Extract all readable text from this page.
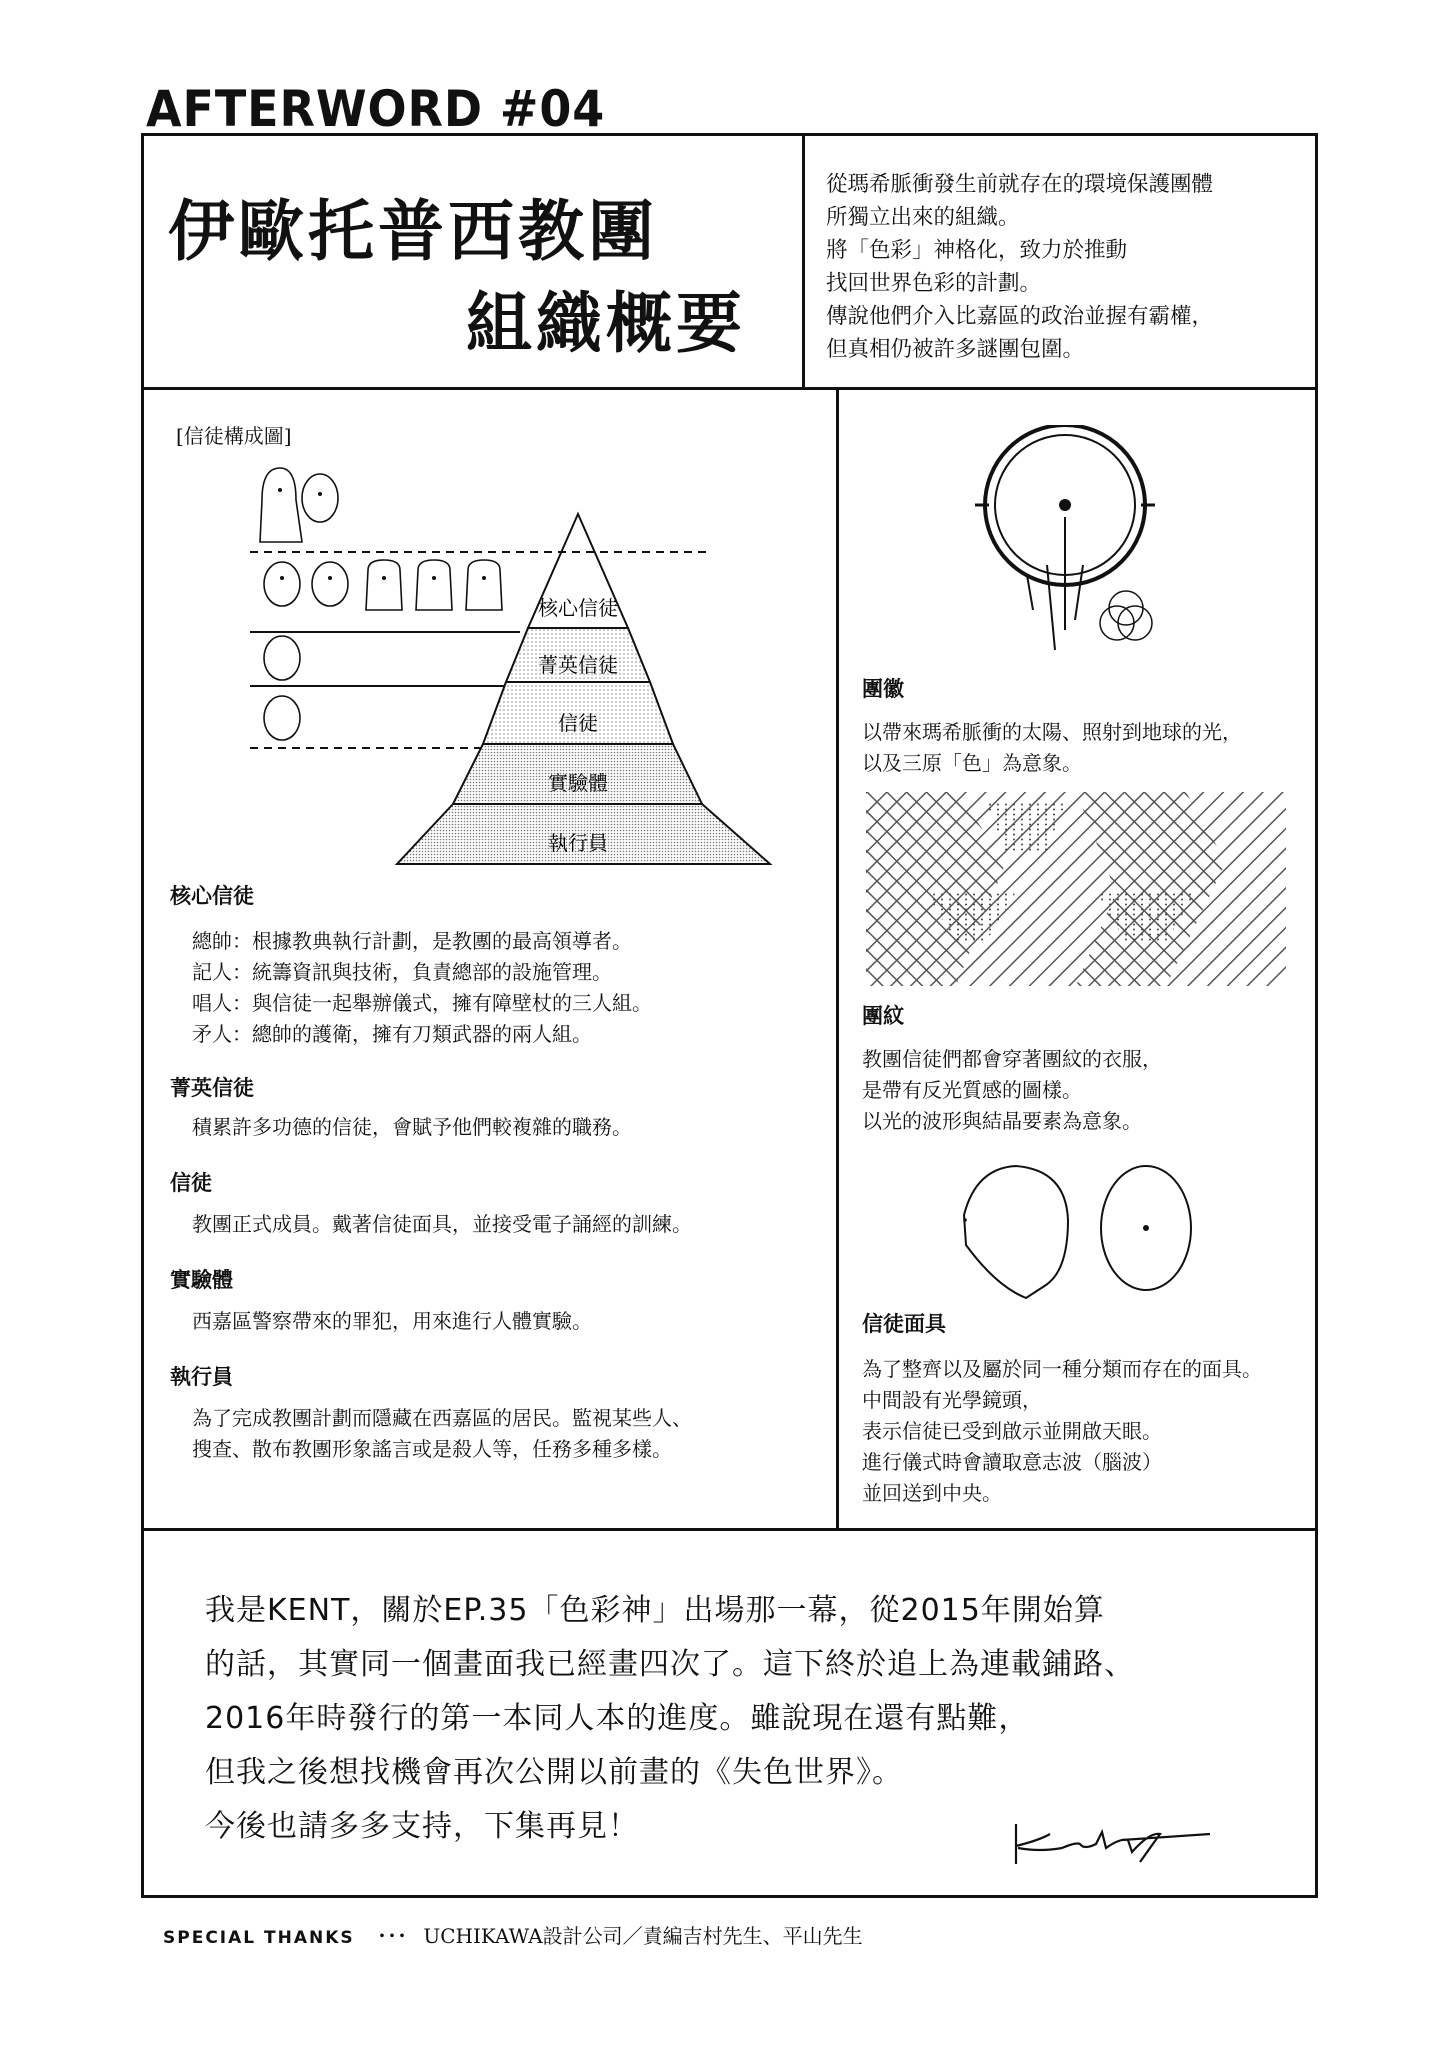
AFTERWORD #04
伊歐托普西教團
組織概要
從瑪希脈衝發生前就存在的環境保護團體
所獨立出來的組織。
將「色彩」神格化，致力於推動
找回世界色彩的計劃。
傳說他們介入比嘉區的政治並握有霸權，
但真相仍被許多謎團包圍。
[信徒構成圖]
核心信徒
菁英信徒
信徒
實驗體
執行員
核心信徒
總帥：根據教典執行計劃，是教團的最高領導者。
記人：統籌資訊與技術，負責總部的設施管理。
唱人：與信徒一起舉辦儀式，擁有障壁杖的三人組。
矛人：總帥的護衛，擁有刀類武器的兩人組。
菁英信徒
積累許多功德的信徒，會賦予他們較複雜的職務。
信徒
教團正式成員。戴著信徒面具，並接受電子誦經的訓練。
實驗體
西嘉區警察帶來的罪犯，用來進行人體實驗。
執行員
為了完成教團計劃而隱藏在西嘉區的居民。監視某些人、
搜查、散布教團形象謠言或是殺人等，任務多種多樣。
團徽
以帶來瑪希脈衝的太陽、照射到地球的光，
以及三原「色」為意象。
團紋
教團信徒們都會穿著團紋的衣服，
是帶有反光質感的圖樣。
以光的波形與結晶要素為意象。
信徒面具
為了整齊以及屬於同一種分類而存在的面具。
中間設有光學鏡頭，
表示信徒已受到啟示並開啟天眼。
進行儀式時會讀取意志波（腦波）
並回送到中央。
我是KENT，關於EP.35「色彩神」出場那一幕，從2015年開始算
的話，其實同一個畫面我已經畫四次了。這下終於追上為連載鋪路、
2016年時發行的第一本同人本的進度。雖說現在還有點難，
但我之後想找機會再次公開以前畫的《失色世界》。
今後也請多多支持，下集再見！
SPECIAL THANKS ･･･ UCHIKAWA設計公司／責編吉村先生、平山先生
